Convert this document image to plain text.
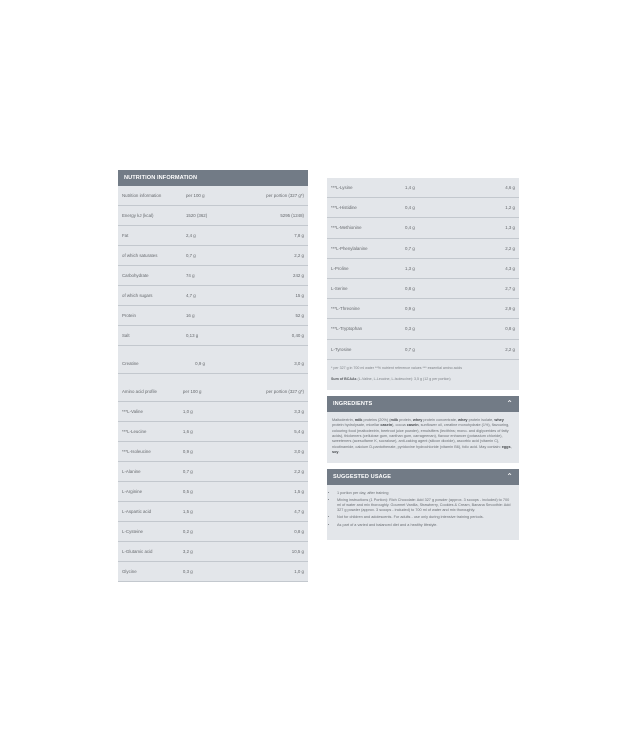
NUTRITION INFORMATION
Nutrition information	per 100 g	per portion (327 g*)
Energy kJ (kcal)	1520 (362)	5295 (1248)
Fat	2,4 g	7,8 g
of which saturates	0,7 g	2,2 g
Carbohydrate	74 g	242 g
of which sugars	4,7 g	15 g
Protein	16 g	52 g
Salt	0,13 g	0,40 g
Creatine	0,9 g	3,0 g
Amino acid profile	per 100 g	per portion (327 g*)
***L-Valine	1,0 g	3,3 g
***L-Leucine	1,6 g	5,4 g
***L-Isoleucine	0,9 g	3,0 g
L-Alanine	0,7 g	2,2 g
L-Arginine	0,5 g	1,5 g
L-Aspartic acid	1,5 g	4,7 g
L-Cysteine	0,2 g	0,8 g
L-Glutamic acid	3,2 g	10,5 g
Glycine	0,3 g	1,0 g
***L-Lysine	1,4 g	4,6 g
***L-Histidine	0,4 g	1,2 g
***L-Methionine	0,4 g	1,3 g
***L-Phenylalanine	0,7 g	2,2 g
L-Proline	1,3 g	4,3 g
L-Serine	0,8 g	2,7 g
***L-Threonine	0,9 g	2,9 g
***L-Tryptophan	0,3 g	0,8 g
L-Tyrosine	0,7 g	2,2 g
* per 327 g in 700 ml water **% nutrient reference values *** essential amino acids
Sum of BCAAs (L-Valine, L-Leucine, L-Isoleucine): 3,5 g (12 g per portion)
INGREDIENTS	⌃
Maltodextrin, milk proteins (20%) (milk protein, whey protein concentrate, whey protein isolate, whey protein hydrolysate, micellar casein), cocoa casein, sunflower oil, creatine monohydrate (1%), flavouring, colouring food (maltodextrin, beetroot juice powder), emulsifiers (lecithins; mono- and diglycerides of fatty acids), thickeners (cellulose gum, xanthan gum, carrageenan), flavour enhancer (potassium chloride), sweeteners (acesulfame K, sucralose), anti-caking agent (silicon dioxide), ascorbic acid (vitamin C), nicotinamide, calcium D-pantothenate, pyridoxine hydrochloride (vitamin B6), folic acid. May contain: eggs, soy.
SUGGESTED USAGE	⌃
• 1 portion per day, after training
• Mixing instructions (1 Portion): Rich Chocolate: Add 327 g powder (approx. 3 scoops - included) to 700 ml of water and mix thoroughly. Gourmet Vanilla, Strawberry, Cookies & Cream, Banana Smoothie: Add 327 g powder (approx. 3 scoops - included) to 700 ml of water and mix thoroughly.
• Not for children and adolescents. For adults - use only during intensive training periods.
• As part of a varied and balanced diet and a healthy lifestyle.
